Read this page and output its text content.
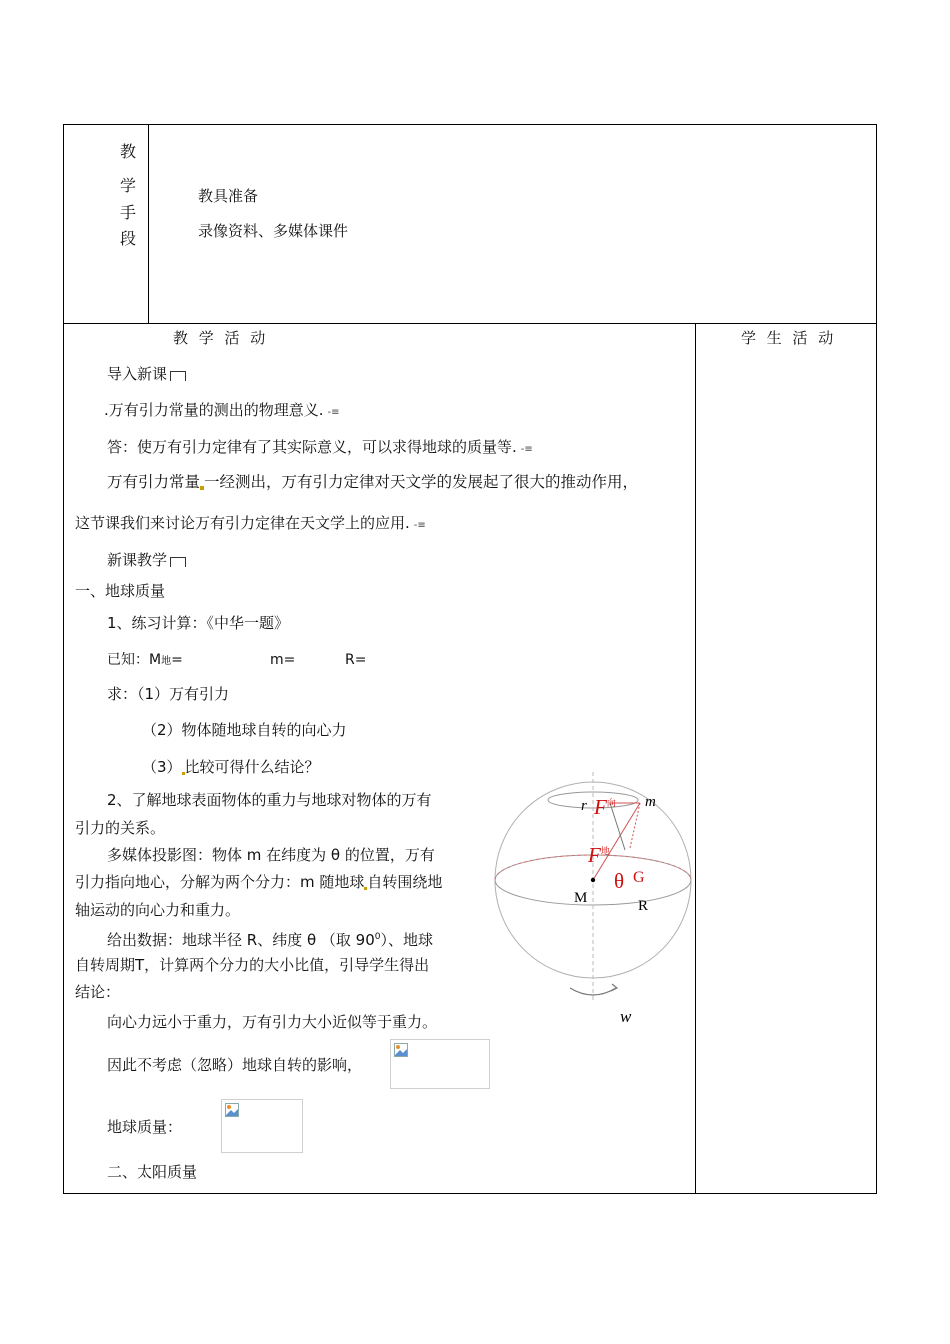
教
学
手
段
教具准备
录像资料、多媒体课件
教 学 活 动	学 生 活 动
导入新课
.万有引力常量的测出的物理意义. -≡
答：使万有引力定律有了其实际意义，可以求得地球的质量等. -≡
万有引力常量 一经测出，万有引力定律对天文学的发展起了很大的推动作用，
这节课我们来讨论万有引力定律在天文学上的应用. -≡
新课教学
一、地球质量
1、练习计算：《中华一题》
已知：M地=	m=	R=
求：（1）万有引力
（2）物体随地球自转的向心力
（3） 比较可得什么结论？
2、了解地球表面物体的重力与地球对物体的万有
引力的关系。
多媒体投影图：物体 m 在纬度为 θ 的位置，万有
引力指向地心，分解为两个分力：m 随地球 自转围绕地
轴运动的向心力和重力。
给出数据：地球半径 R、纬度 θ （取 $90^0$）、地球
自转周期T，计算两个分力的大小比值，引导学生得出
结论：
向心力远小于重力，万有引力大小近似等于重力。
因此不考虑（忽略）地球自转的影响，
地球质量：
二、太阳质量
r $F^向$ m
$F^地$
θ G
M	R
w
